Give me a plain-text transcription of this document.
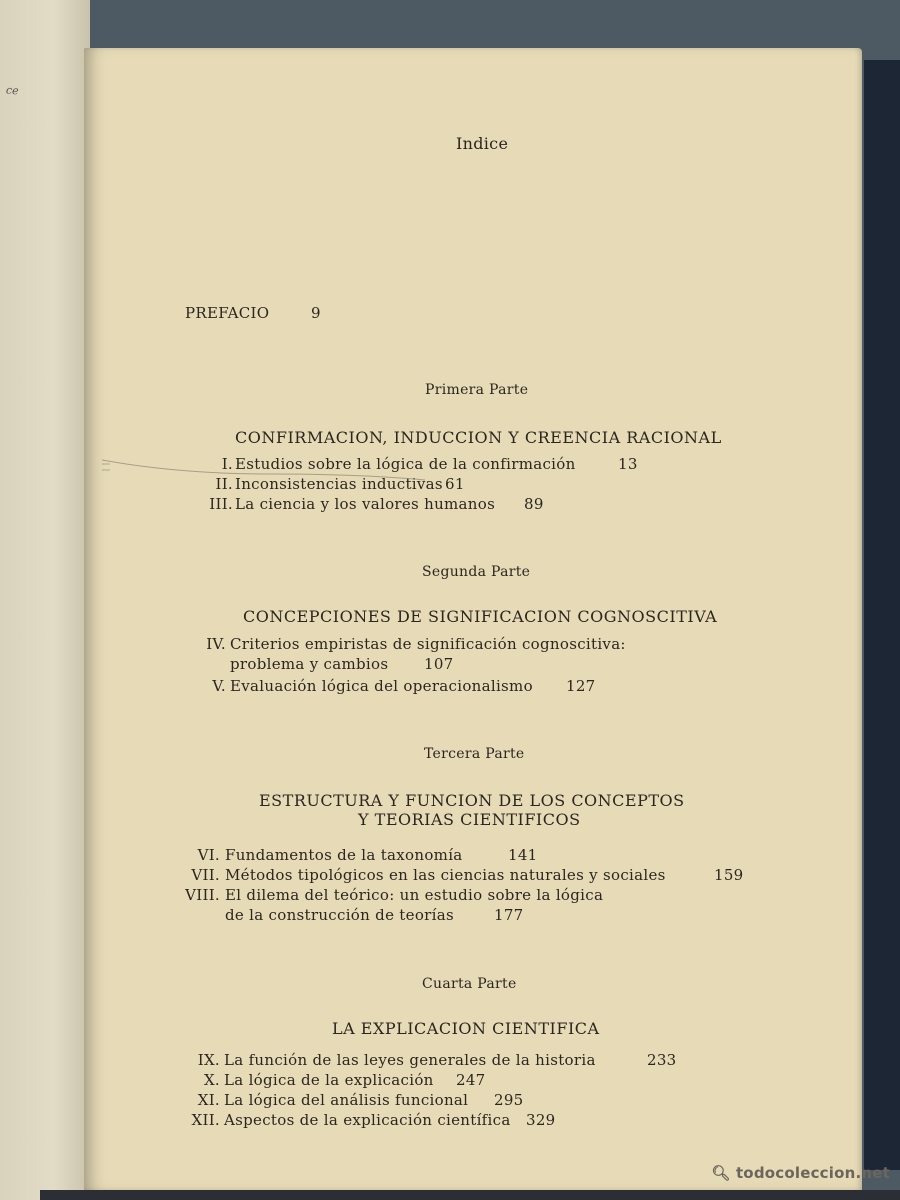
ce
Indice
PREFACIO	9
Primera Parte
CONFIRMACION, INDUCCION Y CREENCIA RACIONAL
I. Estudios sobre la lógica de la confirmación	13
II. Inconsistencias inductivas 61
III. La ciencia y los valores humanos 89
Segunda Parte
CONCEPCIONES DE SIGNIFICACION COGNOSCITIVA
IV. Criterios empiristas de significación cognoscitiva:
problema y cambios 107
V. Evaluación lógica del operacionalismo 127
Tercera Parte
ESTRUCTURA Y FUNCION DE LOS CONCEPTOS
Y TEORIAS CIENTIFICOS
VI. Fundamentos de la taxonomía	141
VII. Métodos tipológicos en las ciencias naturales y sociales	159
VIII. El dilema del teórico: un estudio sobre la lógica
de la construcción de teorías	177
Cuarta Parte
LA EXPLICACION CIENTIFICA
IX. La función de las leyes generales de la historia	233
X. La lógica de la explicación 247
XI. La lógica del análisis funcional 295
XII. Aspectos de la explicación científica 329
🔍︎ todocoleccion.net
